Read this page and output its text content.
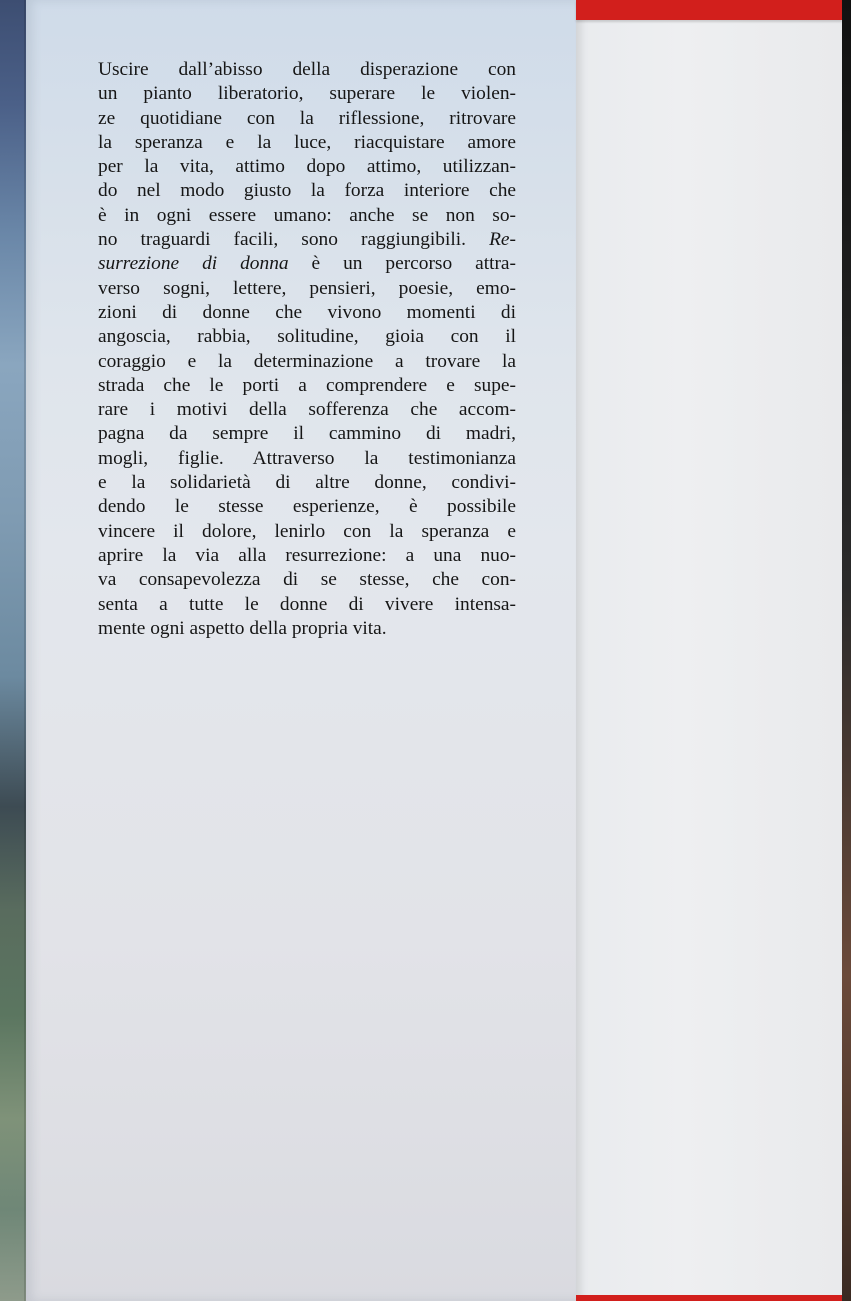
Uscire dall’abisso della disperazione con
un pianto liberatorio, superare le violen-
ze quotidiane con la riflessione, ritrovare
la speranza e la luce, riacquistare amore
per la vita, attimo dopo attimo, utilizzan-
do nel modo giusto la forza interiore che
è in ogni essere umano: anche se non so-
no traguardi facili, sono raggiungibili. Re-
surrezione di donna è un percorso attra-
verso sogni, lettere, pensieri, poesie, emo-
zioni di donne che vivono momenti di
angoscia, rabbia, solitudine, gioia con il
coraggio e la determinazione a trovare la
strada che le porti a comprendere e supe-
rare i motivi della sofferenza che accom-
pagna da sempre il cammino di madri,
mogli, figlie. Attraverso la testimonianza
e la solidarietà di altre donne, condivi-
dendo le stesse esperienze, è possibile
vincere il dolore, lenirlo con la speranza e
aprire la via alla resurrezione: a una nuo-
va consapevolezza di se stesse, che con-
senta a tutte le donne di vivere intensa-
mente ogni aspetto della propria vita.
